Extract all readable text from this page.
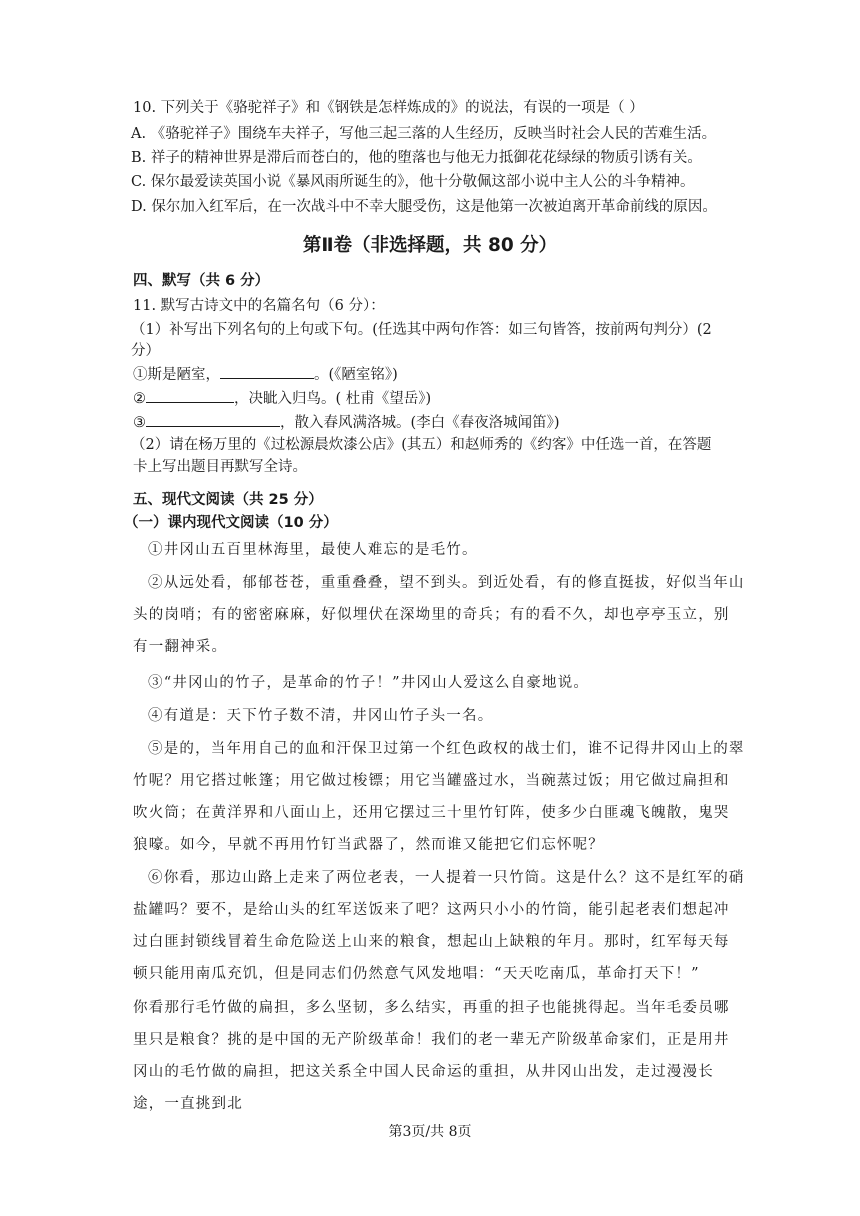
10. 下列关于《骆驼祥子》和《钢铁是怎样炼成的》的说法，有误的一项是（ ）
A. 《骆驼祥子》围绕车夫祥子，写他三起三落的人生经历，反映当时社会人民的苦难生活。
B. 祥子的精神世界是滞后而苍白的，他的堕落也与他无力抵御花花绿绿的物质引诱有关。
C. 保尔最爱读英国小说《暴风雨所诞生的》，他十分敬佩这部小说中主人公的斗争精神。
D. 保尔加入红军后，在一次战斗中不幸大腿受伤，这是他第一次被迫离开革命前线的原因。
第Ⅱ卷（非选择题，共 80 分）
四、默写（共 6 分）
11. 默写古诗文中的名篇名句（6 分）：
（1）补写出下列名句的上句或下句。(任选其中两句作答：如三句皆答，按前两句判分）(2
分）
①斯是陋室，	。(《陋室铭》)
②	，决眦入归鸟。( 杜甫《望岳》)
③	，散入春风满洛城。(李白《春夜洛城闻笛》)
（2）请在杨万里的《过松源晨炊漆公店》(其五）和赵师秀的《约客》中任选一首，在答题
卡上写出题目再默写全诗。
五、现代文阅读（共 25 分）
（一）课内现代文阅读（10 分）
①井冈山五百里林海里，最使人难忘的是毛竹。
②从远处看，郁郁苍苍，重重叠叠，望不到头。到近处看，有的修直挺拔，好似当年山头的岗哨；有的密密麻麻，好似埋伏在深坳里的奇兵；有的看不久，却也亭亭玉立，别有一翻神采。
③“井冈山的竹子，是革命的竹子！”井冈山人爱这么自豪地说。
④有道是：天下竹子数不清，井冈山竹子头一名。
⑤是的，当年用自己的血和汗保卫过第一个红色政权的战士们，谁不记得井冈山上的翠竹呢？用它搭过帐篷；用它做过梭镖；用它当罐盛过水，当碗蒸过饭；用它做过扁担和吹火筒；在黄洋界和八面山上，还用它摆过三十里竹钉阵，使多少白匪魂飞魄散，鬼哭狼嚎。如今，早就不再用竹钉当武器了，然而谁又能把它们忘怀呢？
⑥你看，那边山路上走来了两位老表，一人提着一只竹筒。这是什么？这不是红军的硝盐罐吗？要不，是给山头的红军送饭来了吧？这两只小小的竹筒，能引起老表们想起冲过白匪封锁线冒着生命危险送上山来的粮食，想起山上缺粮的年月。那时，红军每天每顿只能用南瓜充饥，但是同志们仍然意气风发地唱：“天天吃南瓜，革命打天下！”
你看那行毛竹做的扁担，多么坚韧，多么结实，再重的担子也能挑得起。当年毛委员哪里只是粮食？挑的是中国的无产阶级革命！我们的老一辈无产阶级革命家们，正是用井冈山的毛竹做的扁担，把这关系全中国人民命运的重担，从井冈山出发，走过漫漫长途，一直挑到北
第3页/共 8页
